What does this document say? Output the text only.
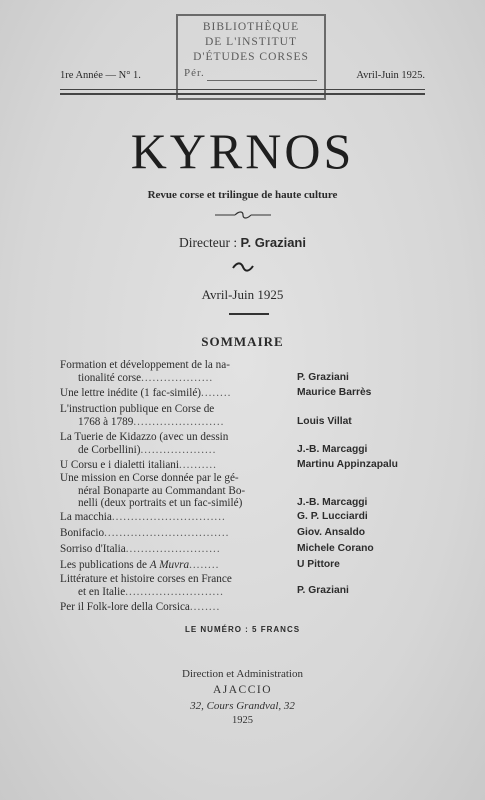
BIBLIOTHÈQUE
DE L'INSTITUT
D'ÉTUDES CORSES
Pér.
1re Année — N° 1.	Avril-Juin 1925.
KYRNOS
Revue corse et trilingue de haute culture
Directeur : P. Graziani
Avril-Juin 1925
SOMMAIRE
Formation et développement de la na-
tionalité corse...................	P. Graziani
Une lettre inédite (1 fac-similé)........	Maurice Barrès
L'instruction publique en Corse de
1768 à 1789........................	Louis Villat
La Tuerie de Kidazzo (avec un dessin
de Corbellini)....................	J.-B. Marcaggi
U Corsu e i dialetti italiani..........	Martinu Appinzapalu
Une mission en Corse donnée par le gé-
néral Bonaparte au Commandant Bo-
nelli (deux portraits et un fac-similé)	J.-B. Marcaggi
La macchia..............................	G. P. Lucciardi
Bonifacio.................................	Giov. Ansaldo
Sorriso d'Italia.........................	Michele Corano
Les publications de A Muvra........	U Pittore
Littérature et histoire corses en France
et en Italie..........................	P. Graziani
Per il Folk-lore della Corsica........
LE NUMÉRO : 5 FRANCS
Direction et Administration
AJACCIO
32, Cours Grandval, 32
1925
